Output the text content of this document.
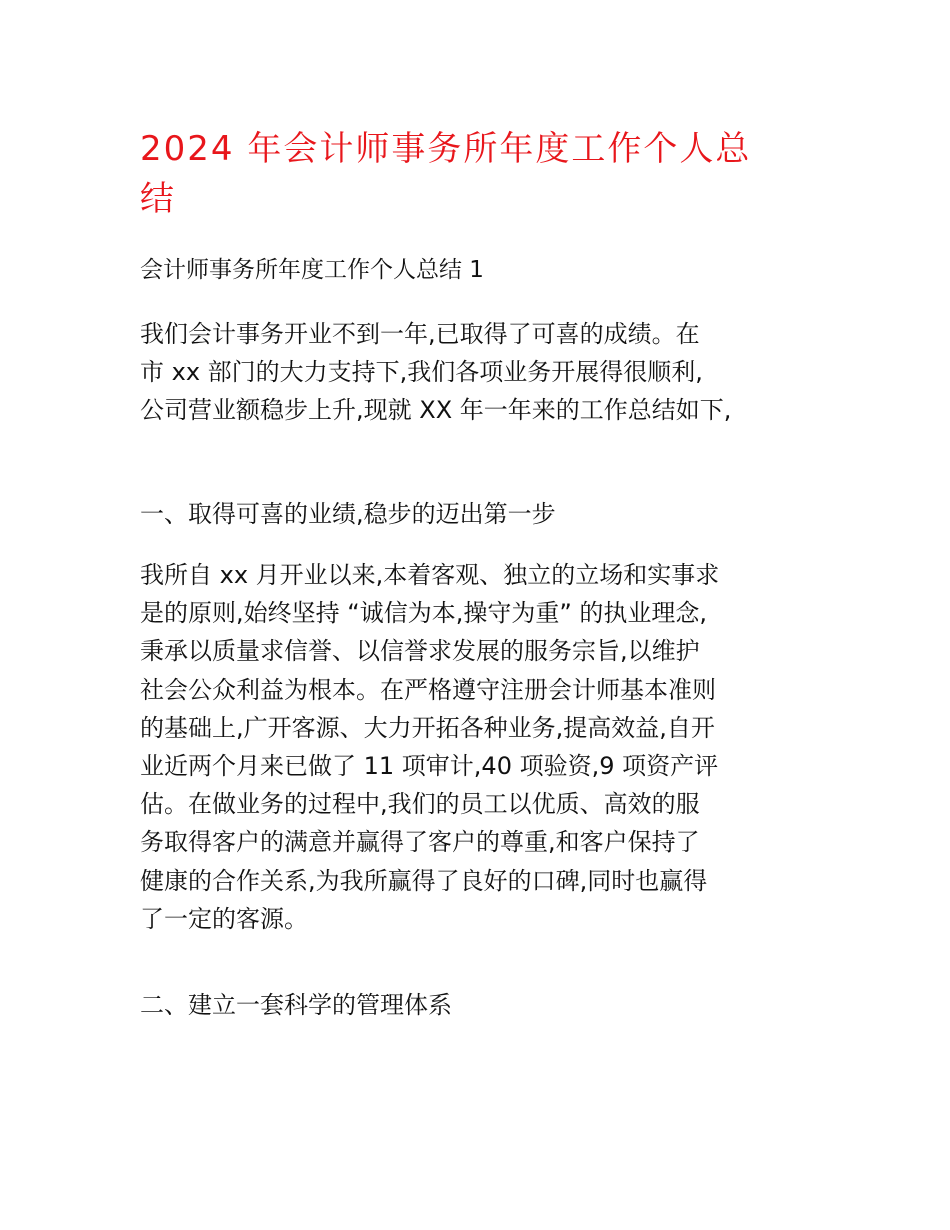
2024 年会计师事务所年度工作个人总
结

会计师事务所年度工作个人总结 1

我们会计事务开业不到一年,已取得了可喜的成绩。在
市 xx 部门的大力支持下,我们各项业务开展得很顺利,
公司营业额稳步上升,现就 XX 年一年来的工作总结如下,

一、取得可喜的业绩,稳步的迈出第一步

我所自 xx 月开业以来,本着客观、独立的立场和实事求
是的原则,始终坚持 “诚信为本,操守为重” 的执业理念,
秉承以质量求信誉、以信誉求发展的服务宗旨,以维护
社会公众利益为根本。在严格遵守注册会计师基本准则
的基础上,广开客源、大力开拓各种业务,提高效益,自开
业近两个月来已做了 11 项审计,40 项验资,9 项资产评
估。在做业务的过程中,我们的员工以优质、高效的服
务取得客户的满意并赢得了客户的尊重,和客户保持了
健康的合作关系,为我所赢得了良好的口碑,同时也赢得
了一定的客源。

二、建立一套科学的管理体系
